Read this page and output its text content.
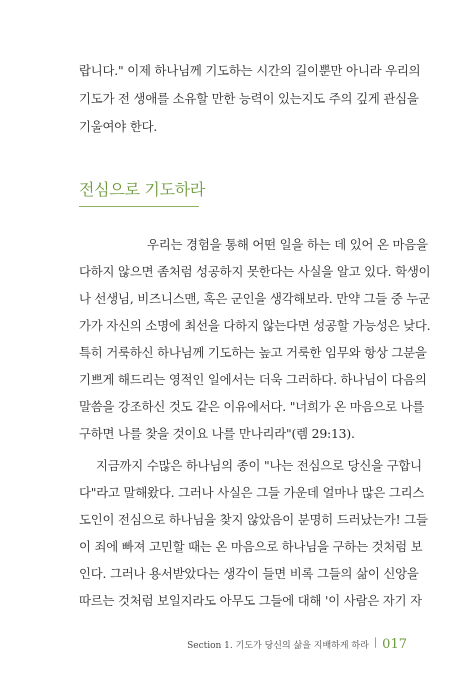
랍니다." 이제 하나님께 기도하는 시간의 길이뿐만 아니라 우리의
기도가 전 생애를 소유할 만한 능력이 있는지도 주의 깊게 관심을
기울여야 한다.
전심으로 기도하라
우리는 경험을 통해 어떤 일을 하는 데 있어 온 마음을
다하지 않으면 좀처럼 성공하지 못한다는 사실을 알고 있다. 학생이
나 선생님, 비즈니스맨, 혹은 군인을 생각해보라. 만약 그들 중 누군
가가 자신의 소명에 최선을 다하지 않는다면 성공할 가능성은 낮다.
특히 거룩하신 하나님께 기도하는 높고 거룩한 임무와 항상 그분을
기쁘게 해드리는 영적인 일에서는 더욱 그러하다. 하나님이 다음의
말씀을 강조하신 것도 같은 이유에서다. "너희가 온 마음으로 나를
구하면 나를 찾을 것이요 나를 만나리라"(렘 29:13).
지금까지 수많은 하나님의 종이 "나는 전심으로 당신을 구합니
다"라고 말해왔다. 그러나 사실은 그들 가운데 얼마나 많은 그리스
도인이 전심으로 하나님을 찾지 않았음이 분명히 드러났는가! 그들
이 죄에 빠져 고민할 때는 온 마음으로 하나님을 구하는 것처럼 보
인다. 그러나 용서받았다는 생각이 들면 비록 그들의 삶이 신앙을
따르는 것처럼 보일지라도 아무도 그들에 대해 '이 사람은 자기 자
Section 1. 기도가 당신의 삶을 지배하게 하라 | 017
